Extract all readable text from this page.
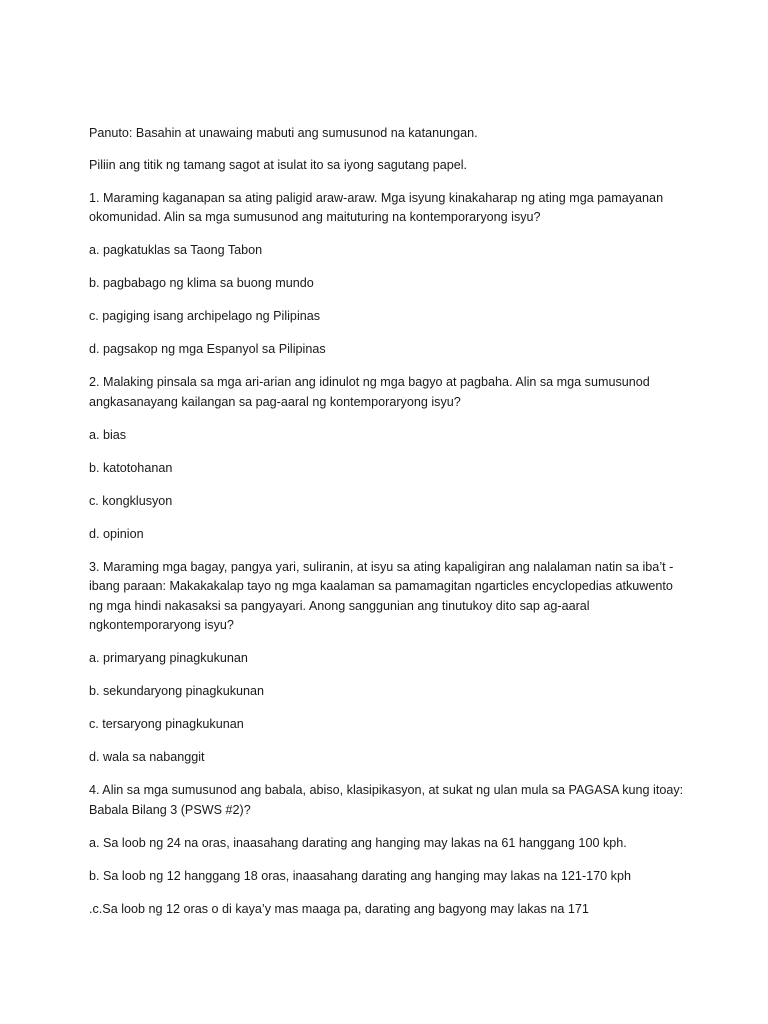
Panuto: Basahin at unawaing mabuti ang sumusunod na katanungan.

Piliin ang titik ng tamang sagot at isulat ito sa iyong sagutang papel.

1. Maraming kaganapan sa ating paligid araw-araw. Mga isyung kinakaharap ng ating mga pamayanan
okomunidad. Alin sa mga sumusunod ang maituturing na kontemporaryong isyu?

a. pagkatuklas sa Taong Tabon

b. pagbabago ng klima sa buong mundo

c. pagiging isang archipelago ng Pilipinas

d. pagsakop ng mga Espanyol sa Pilipinas

2. Malaking pinsala sa mga ari-arian ang idinulot ng mga bagyo at pagbaha. Alin sa mga sumusunod
angkasanayang kailangan sa pag-aaral ng kontemporaryong isyu?

a. bias

b. katotohanan

c. kongklusyon

d. opinion

3. Maraming mga bagay, pangya yari, suliranin, at isyu sa ating kapaligiran ang nalalaman natin sa iba’t -
ibang paraan: Makakakalap tayo ng mga kaalaman sa pamamagitan ngarticles encyclopedias atkuwento
ng mga hindi nakasaksi sa pangyayari. Anong sanggunian ang tinutukoy dito sap ag-aaral
ngkontemporaryong isyu?

a. primaryang pinagkukunan

b. sekundaryong pinagkukunan

c. tersaryong pinagkukunan

d. wala sa nabanggit

4. Alin sa mga sumusunod ang babala, abiso, klasipikasyon, at sukat ng ulan mula sa PAGASA kung itoay:
Babala Bilang 3 (PSWS #2)?

a. Sa loob ng 24 na oras, inaasahang darating ang hanging may lakas na 61 hanggang 100 kph.

b. Sa loob ng 12 hanggang 18 oras, inaasahang darating ang hanging may lakas na 121-170 kph

.c.Sa loob ng 12 oras o di kaya’y mas maaga pa, darating ang bagyong may lakas na 171
